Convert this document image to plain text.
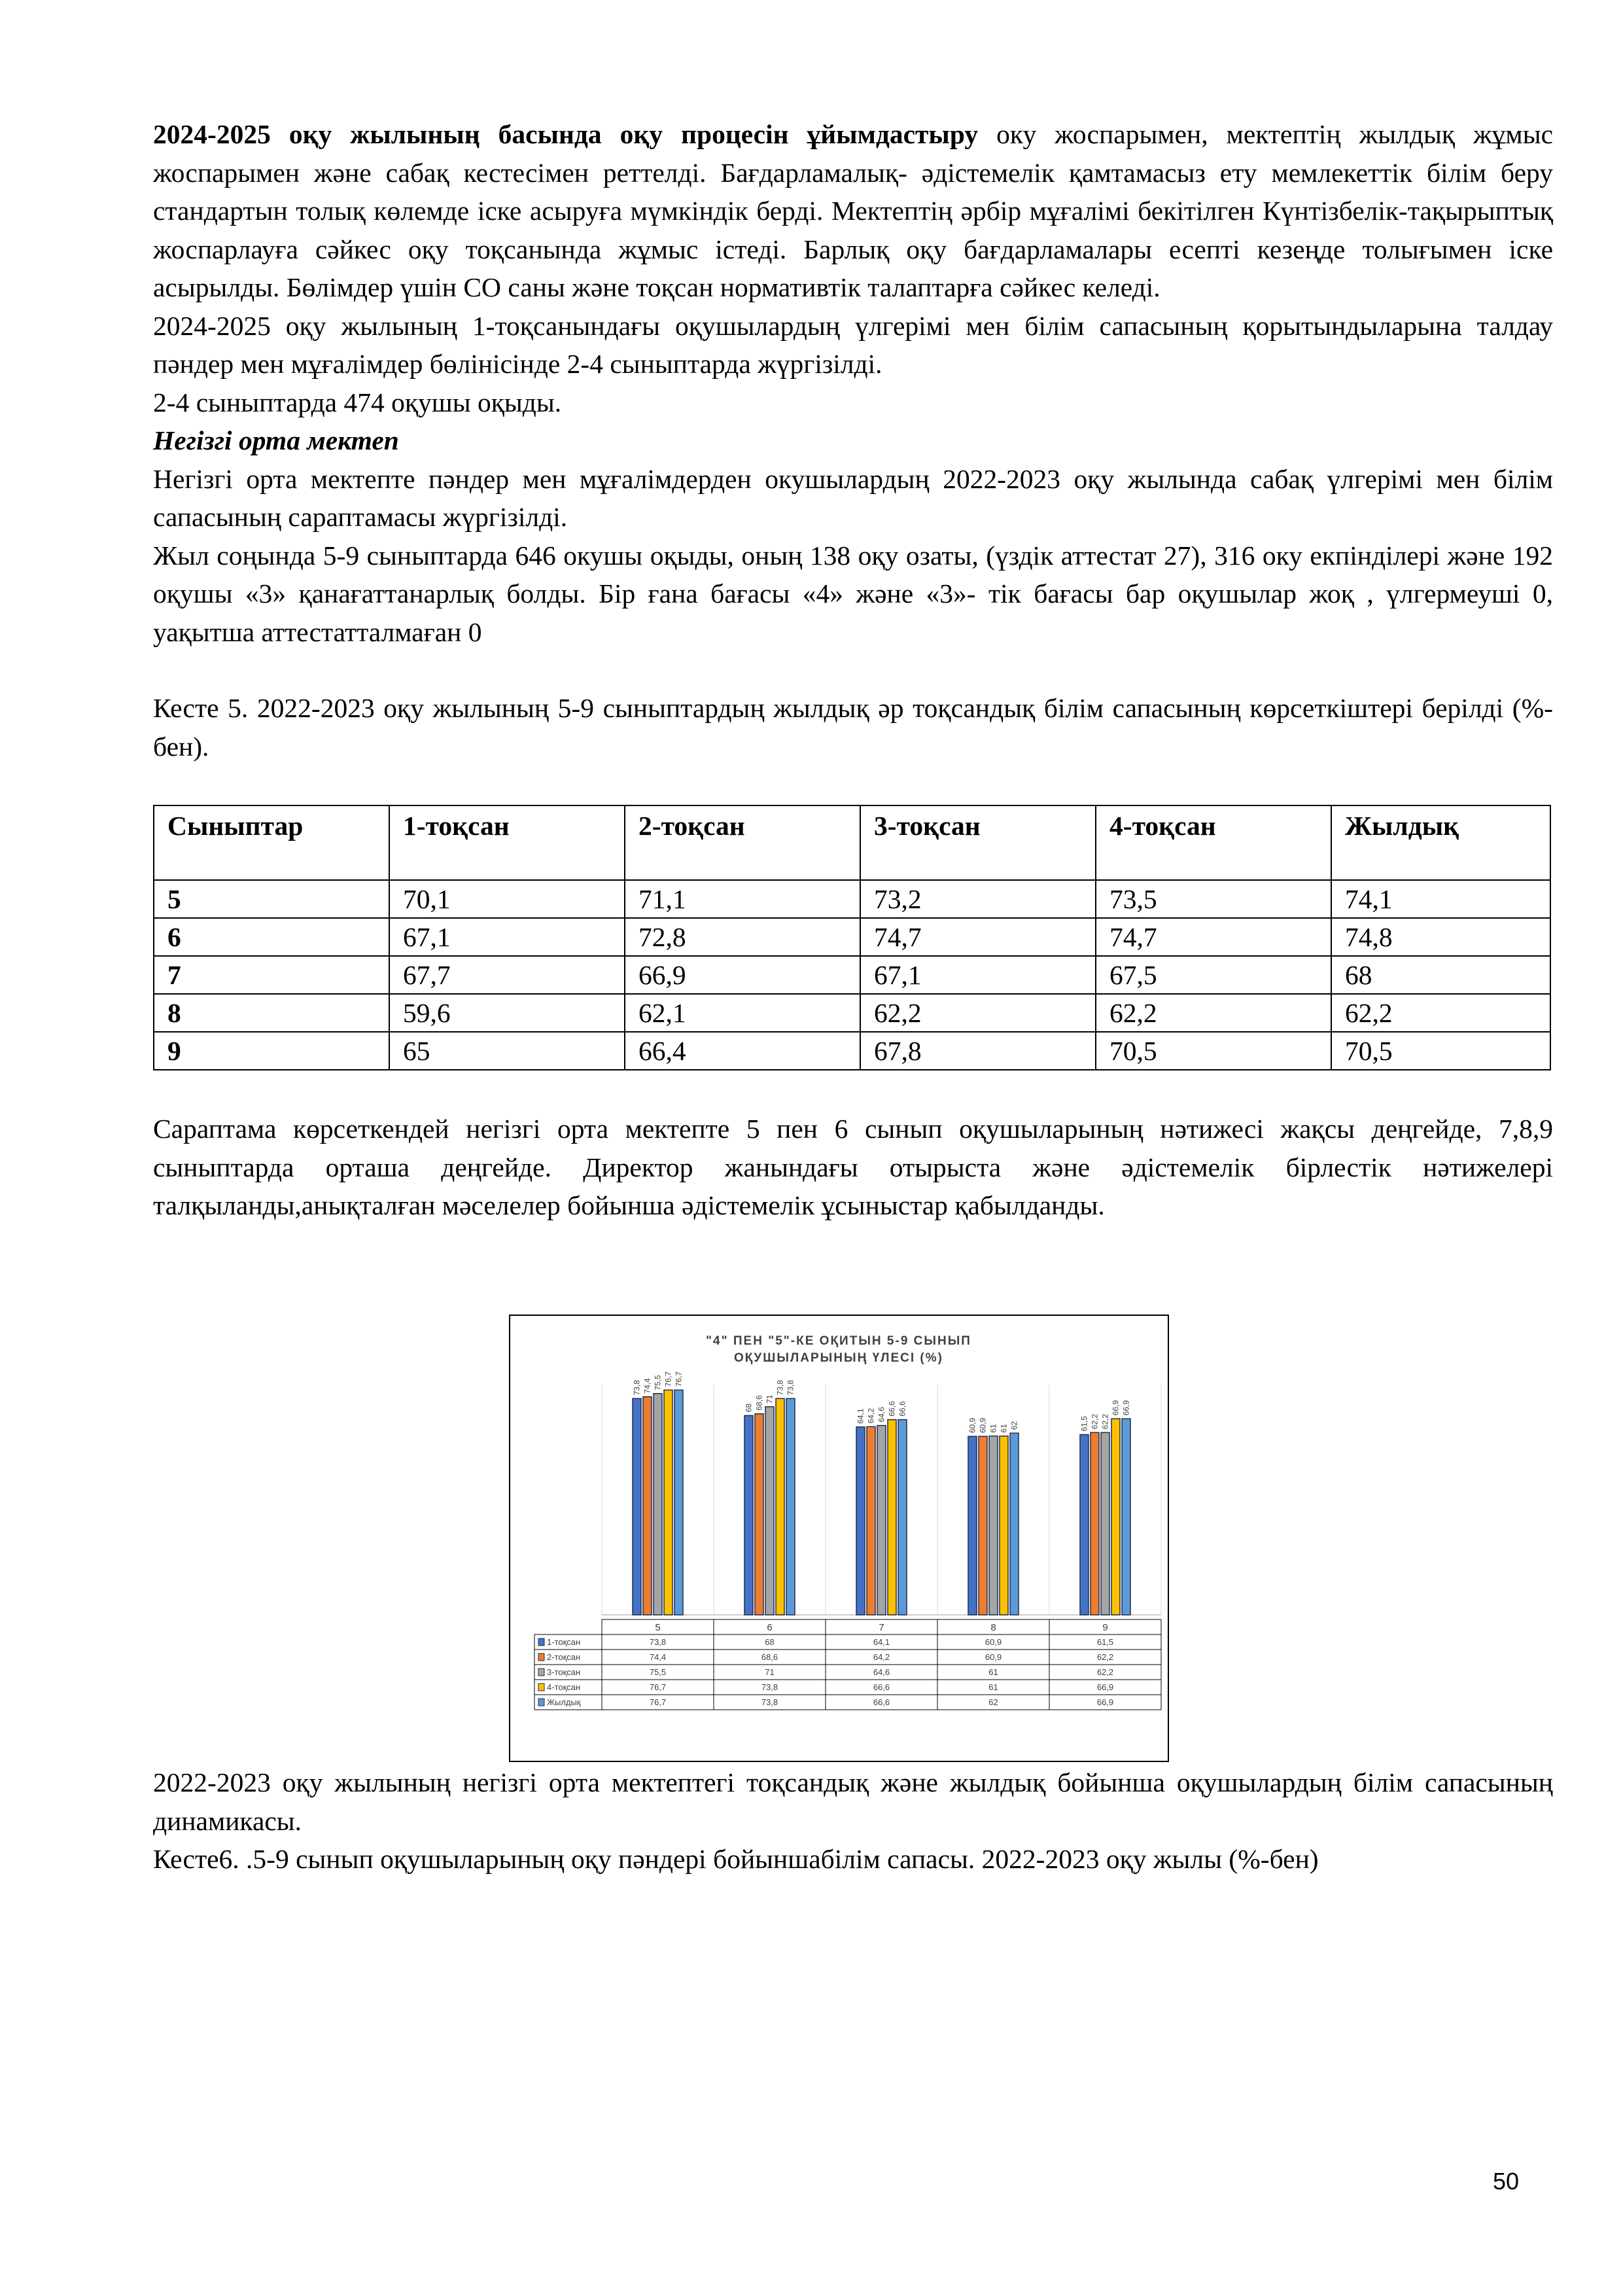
2024-2025 оқу жылының басында оқу процесін ұйымдастыру оку жоспарымен, мектептің жылдық жұмыс жоспарымен және сабақ кестесімен реттелді. Бағдарламалық- әдістемелік қамтамасыз ету мемлекеттік білім беру стандартын толық көлемде іске асыруға мүмкіндік берді. Мектептің әрбір мұғалімі бекітілген Күнтізбелік-тақырыптық жоспарлауға сәйкес оқу тоқсанында жұмыс істеді. Барлық оқу бағдарламалары есепті кезеңде толығымен іске асырылды. Бөлімдер үшін СО саны және тоқсан нормативтік талаптарға сәйкес келеді.

2024-2025 оқу жылының 1-тоқсанындағы оқушылардың үлгерімі мен білім сапасының қорытындыларына талдау пәндер мен мұғалімдер бөлінісінде 2-4 сыныптарда жүргізілді.

2-4 сыныптарда 474 оқушы оқыды.

Негізгі орта мектеп

Негізгі орта мектепте пәндер мен мұғалімдерден окушылардың 2022-2023 оқу жылында сабақ үлгерімі мен білім сапасының сараптамасы жүргізілді.

Жыл соңында 5-9 сыныптарда 646 окушы оқыды, оның 138 оқу озаты, (үздік аттестат 27), 316 оку екпінділері және 192 оқушы «3» қанағаттанарлық болды. Бір ғана бағасы «4» және «3»- тік бағасы бар оқушылар жоқ , үлгермеуші 0, уақытша аттестатталмаған 0

Кесте 5. 2022-2023 оқу жылының 5-9 сыныптардың жылдық әр тоқсандық білім сапасының көрсеткіштері берілді (%-бен).

Сыныптар	1-тоқсан	2-тоқсан	3-тоқсан	4-тоқсан	Жылдық
5	70,1	71,1	73,2	73,5	74,1
6	67,1	72,8	74,7	74,7	74,8
7	67,7	66,9	67,1	67,5	68
8	59,6	62,1	62,2	62,2	62,2
9	65	66,4	67,8	70,5	70,5

Сараптама көрсеткендей негізгі орта мектепте 5 пен 6 сынып оқушыларының нәтижесі жақсы деңгейде, 7,8,9 сыныптарда орташа деңгейде. Директор жанындағы отырыста және әдістемелік бірлестік нәтижелері талқыланды,анықталған мәселелер бойынша әдістемелік ұсыныстар қабылданды.

"4" ПЕН "5"-КЕ ОҚИТЫН 5-9 СЫНЫП
ОҚУШЫЛАРЫНЫҢ ҮЛЕСІ (%)
73,8 74,4 75,5 76,7 76,7
68 68,6 71
73,8 73,8
64,1 64,2 64,6 66,6 66,6
60,9 60,9 61 61 62	61,5 62,2 62,2
66,9 66,9
5	6	7	8	9
1-тоқсан	73,8	68	64,1	60,9	61,5
2-тоқсан	74,4	68,6	64,2	60,9	62,2
3-тоқсан	75,5	71	64,6	61	62,2
4-тоқсан	76,7	73,8	66,6	61	66,9
Жылдық	76,7	73,8	66,6	62	66,9

2022-2023 оқу жылының негізгі орта мектептегі тоқсандық және жылдық бойынша оқушылардың білім сапасының динамикасы.

Кесте6. .5-9 сынып оқушыларының оқу пәндері бойыншабілім сапасы. 2022-2023 оқу жылы (%-бен)

50
